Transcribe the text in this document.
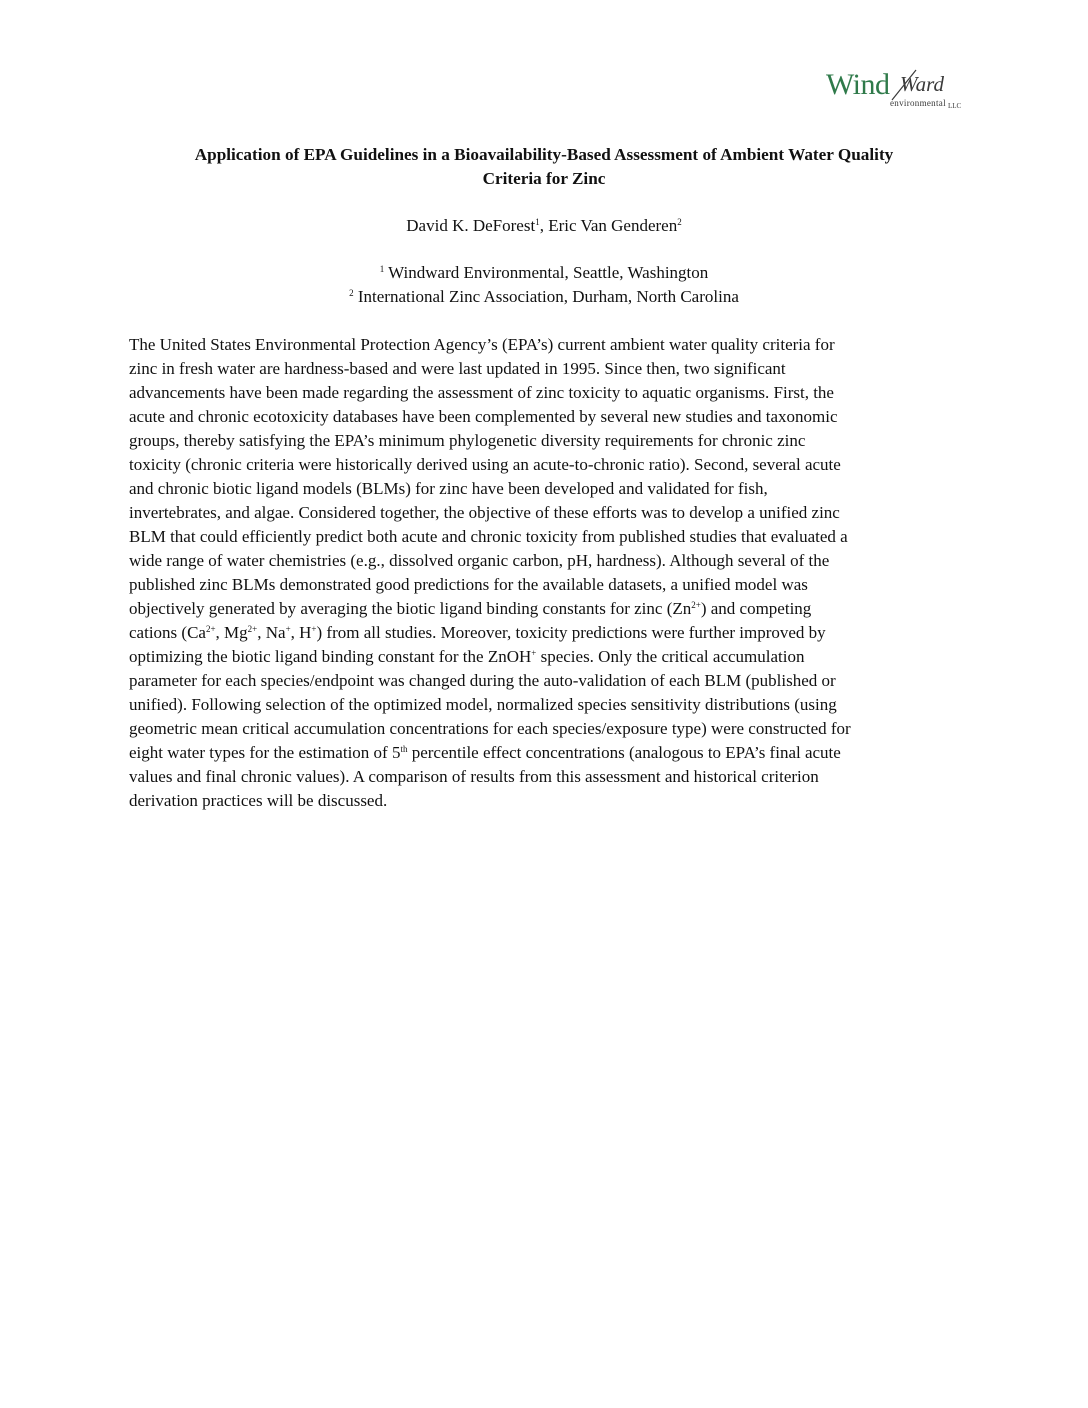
Wind Ward
environmental LLC
Application of EPA Guidelines in a Bioavailability-Based Assessment of Ambient Water Quality
Criteria for Zinc
David K. DeForest$^1$, Eric Van Genderen$^2$
$^1$ Windward Environmental, Seattle, Washington
$^2$ International Zinc Association, Durham, North Carolina
The United States Environmental Protection Agency’s (EPA’s) current ambient water quality criteria for
zinc in fresh water are hardness-based and were last updated in 1995. Since then, two significant
advancements have been made regarding the assessment of zinc toxicity to aquatic organisms. First, the
acute and chronic ecotoxicity databases have been complemented by several new studies and taxonomic
groups, thereby satisfying the EPA’s minimum phylogenetic diversity requirements for chronic zinc
toxicity (chronic criteria were historically derived using an acute-to-chronic ratio). Second, several acute
and chronic biotic ligand models (BLMs) for zinc have been developed and validated for fish,
invertebrates, and algae. Considered together, the objective of these efforts was to develop a unified zinc
BLM that could efficiently predict both acute and chronic toxicity from published studies that evaluated a
wide range of water chemistries (e.g., dissolved organic carbon, pH, hardness). Although several of the
published zinc BLMs demonstrated good predictions for the available datasets, a unified model was
objectively generated by averaging the biotic ligand binding constants for zinc $(Zn^{2+})$ and competing
cations ($Ca^{2+}$, $Mg^{2+}$, Na+, H+) from all studies. Moreover, toxicity predictions were further improved by
optimizing the biotic ligand binding constant for the ZnOH+ species. Only the critical accumulation
parameter for each species/endpoint was changed during the auto-validation of each BLM (published or
unified). Following selection of the optimized model, normalized species sensitivity distributions (using
geometric mean critical accumulation concentrations for each species/exposure type) were constructed for
eight water types for the estimation of 5th percentile effect concentrations (analogous to EPA’s final acute
values and final chronic values). A comparison of results from this assessment and historical criterion
derivation practices will be discussed.
